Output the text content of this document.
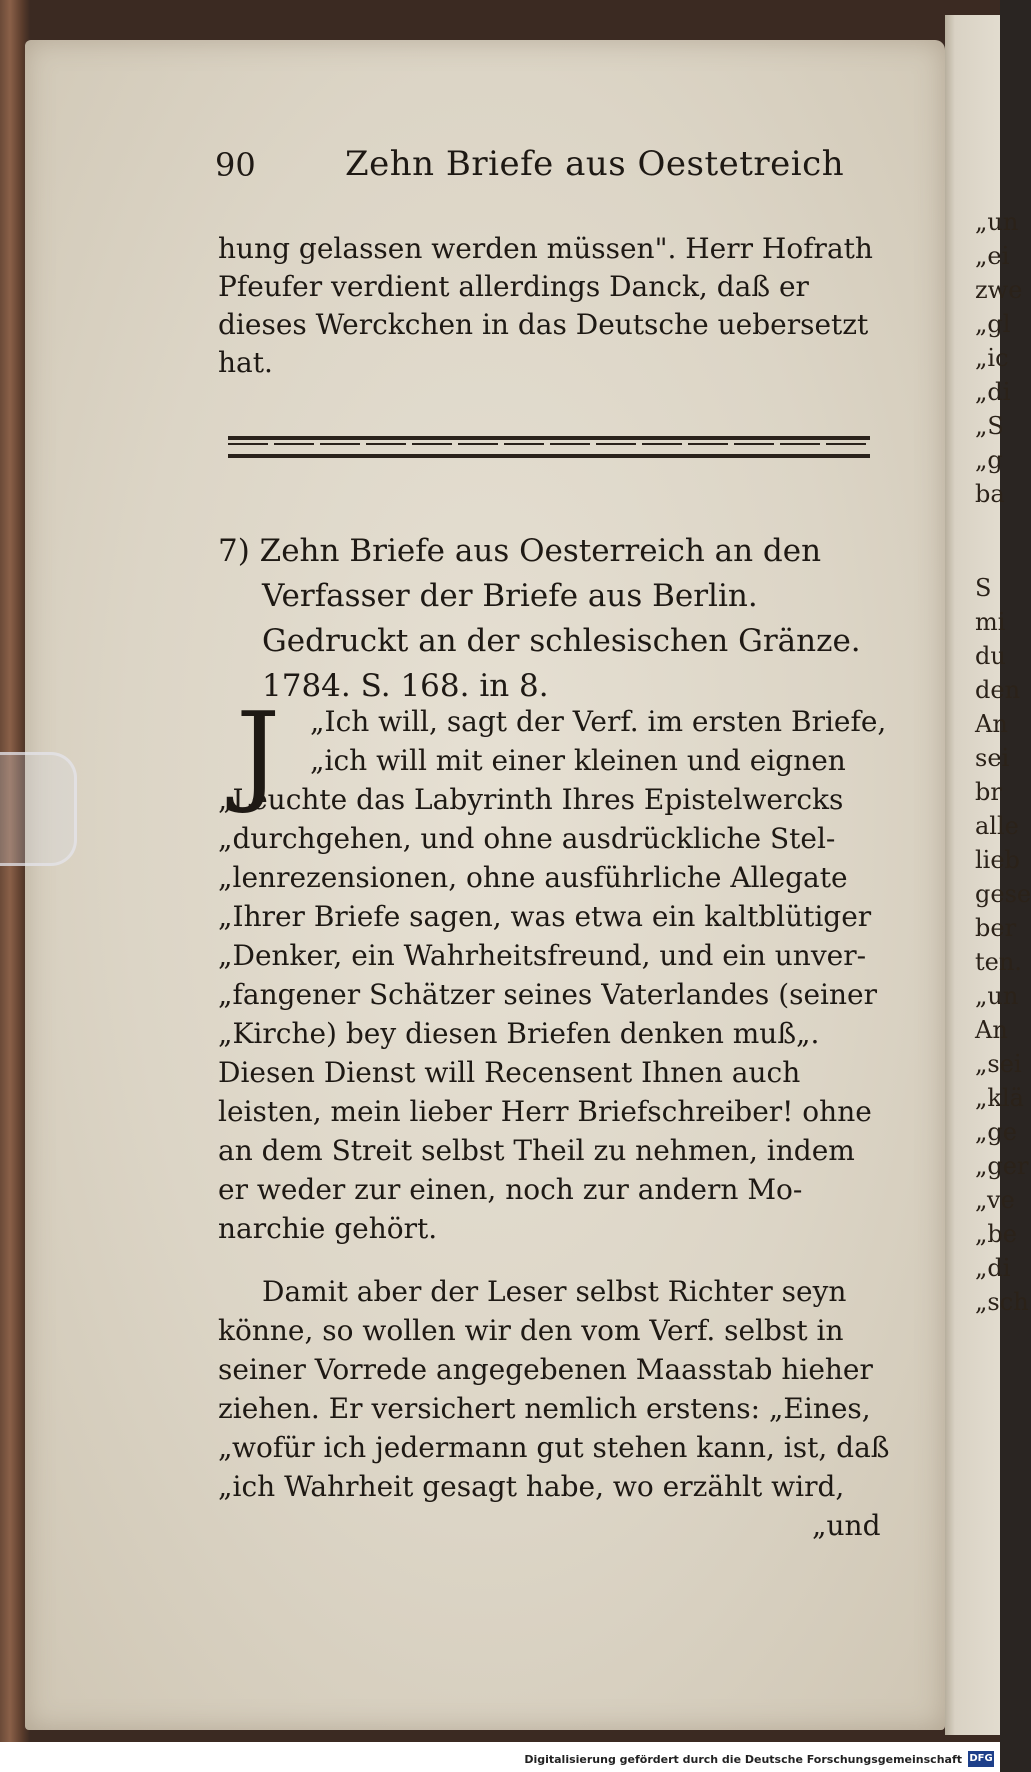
„un
„ei
zwe
„gl
„ic
„di
„S
„g
ba
S
mi
du
den
An
sei
br
alle
lieb
gese
ber
ten.
„un
An
„sei
„klä
„ge
„ger
„ve
„be
„di
„sch
90	Zehn Briefe aus Oestetreich
hung gelassen werden müssen". Herr Hofrath
Pfeufer verdient allerdings Danck, daß er
dieses Werckchen in das Deutsche uebersetzt
hat.
7) Zehn Briefe aus Oesterreich an den
Verfasser der Briefe aus Berlin.
Gedruckt an der schlesischen Gränze.
1784. S. 168. in 8.
J „Ich will, sagt der Verf. im ersten Briefe,
„ich will mit einer kleinen und eignen
„Leuchte das Labyrinth Ihres Epistelwercks
„durchgehen, und ohne ausdrückliche Stel-
„lenrezensionen, ohne ausführliche Allegate
„Ihrer Briefe sagen, was etwa ein kaltblütiger
„Denker, ein Wahrheitsfreund, und ein unver-
„fangener Schätzer seines Vaterlandes (seiner
„Kirche) bey diesen Briefen denken muß„.
Diesen Dienst will Recensent Ihnen auch
leisten, mein lieber Herr Briefschreiber! ohne
an dem Streit selbst Theil zu nehmen, indem
er weder zur einen, noch zur andern Mo-
narchie gehört.
Damit aber der Leser selbst Richter seyn
könne, so wollen wir den vom Verf. selbst in
seiner Vorrede angegebenen Maasstab hieher
ziehen. Er versichert nemlich erstens: „Eines,
„wofür ich jedermann gut stehen kann, ist, daß
„ich Wahrheit gesagt habe, wo erzählt wird,
„und
Digitalisierung gefördert durch die Deutsche Forschungsgemeinschaft DFG
